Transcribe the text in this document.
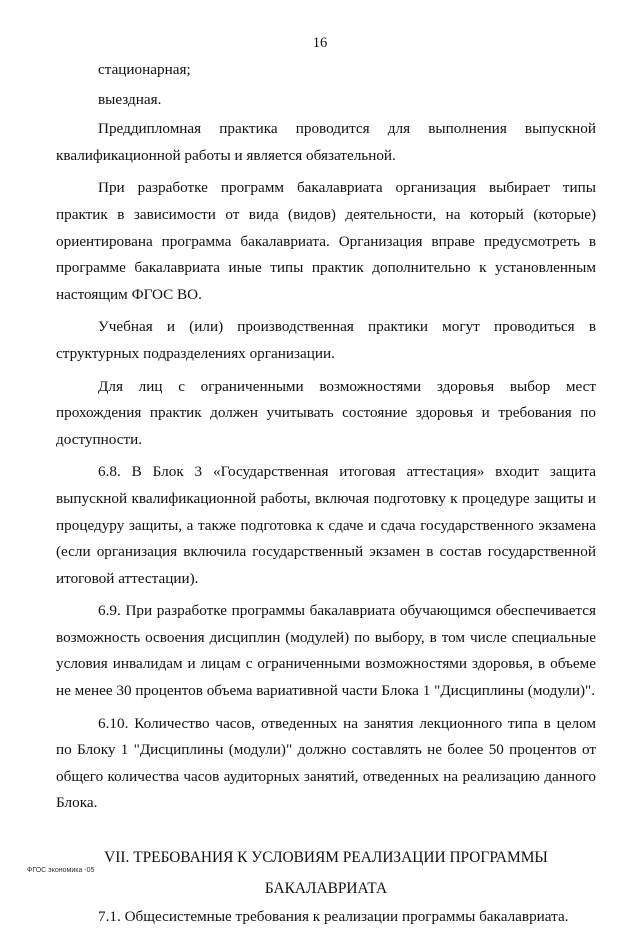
16

стационарная;

выездная.

Преддипломная практика проводится для выполнения выпускной квалификационной работы и является обязательной.

При разработке программ бакалавриата организация выбирает типы практик в зависимости от вида (видов) деятельности, на который (которые) ориентирована программа бакалавриата. Организация вправе предусмотреть в программе бакалавриата иные типы практик дополнительно к установленным настоящим ФГОС ВО.

Учебная и (или) производственная практики могут проводиться в структурных подразделениях организации.

Для лиц с ограниченными возможностями здоровья выбор мест прохождения практик должен учитывать состояние здоровья и требования по доступности.

6.8. В Блок 3 «Государственная итоговая аттестация» входит защита выпускной квалификационной работы, включая подготовку к процедуре защиты и процедуру защиты, а также подготовка к сдаче и сдача государственного экзамена (если организация включила государственный экзамен в состав государственной итоговой аттестации).

6.9. При разработке программы бакалавриата обучающимся обеспечивается возможность освоения дисциплин (модулей) по выбору, в том числе специальные условия инвалидам и лицам с ограниченными возможностями здоровья, в объеме не менее 30 процентов объема вариативной части Блока 1 "Дисциплины (модули)".

6.10. Количество часов, отведенных на занятия лекционного типа в целом по Блоку 1 "Дисциплины (модули)" должно составлять не более 50 процентов от общего количества часов аудиторных занятий, отведенных на реализацию данного Блока.

VII. ТРЕБОВАНИЯ К УСЛОВИЯМ РЕАЛИЗАЦИИ ПРОГРАММЫ

БАКАЛАВРИАТА

7.1. Общесистемные требования к реализации программы бакалавриата.

ФГОС экономика -05
